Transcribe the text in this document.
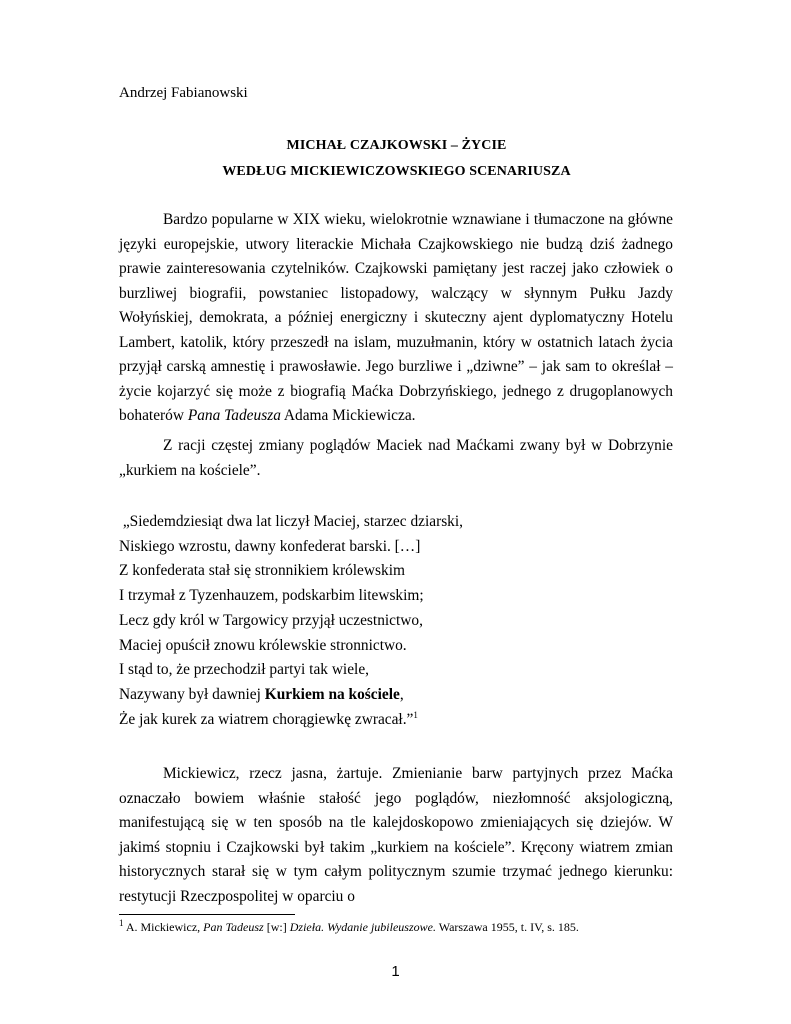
Andrzej Fabianowski
MICHAŁ CZAJKOWSKI – ŻYCIE
WEDŁUG MICKIEWICZOWSKIEGO SCENARIUSZA

Bardzo popularne w XIX wieku, wielokrotnie wznawiane i tłumaczone na główne języki europejskie, utwory literackie Michała Czajkowskiego nie budzą dziś żadnego prawie zainteresowania czytelników. Czajkowski pamiętany jest raczej jako człowiek o burzliwej biografii, powstaniec listopadowy, walczący w słynnym Pułku Jazdy Wołyńskiej, demokrata, a później energiczny i skuteczny ajent dyplomatyczny Hotelu Lambert, katolik, który przeszedł na islam, muzułmanin, który w ostatnich latach życia przyjął carską amnestię i prawosławie. Jego burzliwe i „dziwne” – jak sam to określał – życie kojarzyć się może z biografią Maćka Dobrzyńskiego, jednego z drugoplanowych bohaterów Pana Tadeusza Adama Mickiewicza.

Z racji częstej zmiany poglądów Maciek nad Maćkami zwany był w Dobrzynie „kurkiem na kościele”.

„Siedemdziesiąt dwa lat liczył Maciej, starzec dziarski,
Niskiego wzrostu, dawny konfederat barski. […]
Z konfederata stał się stronnikiem królewskim
I trzymał z Tyzenhauzem, podskarbim litewskim;
Lecz gdy król w Targowicy przyjął uczestnictwo,
Maciej opuścił znowu królewskie stronnictwo.
I stąd to, że przechodził partyi tak wiele,
Nazywany był dawniej Kurkiem na kościele,
Że jak kurek za wiatrem chorągiewkę zwracał.”$^1$

Mickiewicz, rzecz jasna, żartuje. Zmienianie barw partyjnych przez Maćka oznaczało bowiem właśnie stałość jego poglądów, niezłomność aksjologiczną, manifestującą się w ten sposób na tle kalejdoskopowo zmieniających się dziejów. W jakimś stopniu i Czajkowski był takim „kurkiem na kościele”. Kręcony wiatrem zmian historycznych starał się w tym całym politycznym szumie trzymać jednego kierunku: restytucji Rzeczpospolitej w oparciu o

$^1$ A. Mickiewicz, Pan Tadeusz [w:] Dzieła. Wydanie jubileuszowe. Warszawa 1955, t. IV, s. 185.
1
